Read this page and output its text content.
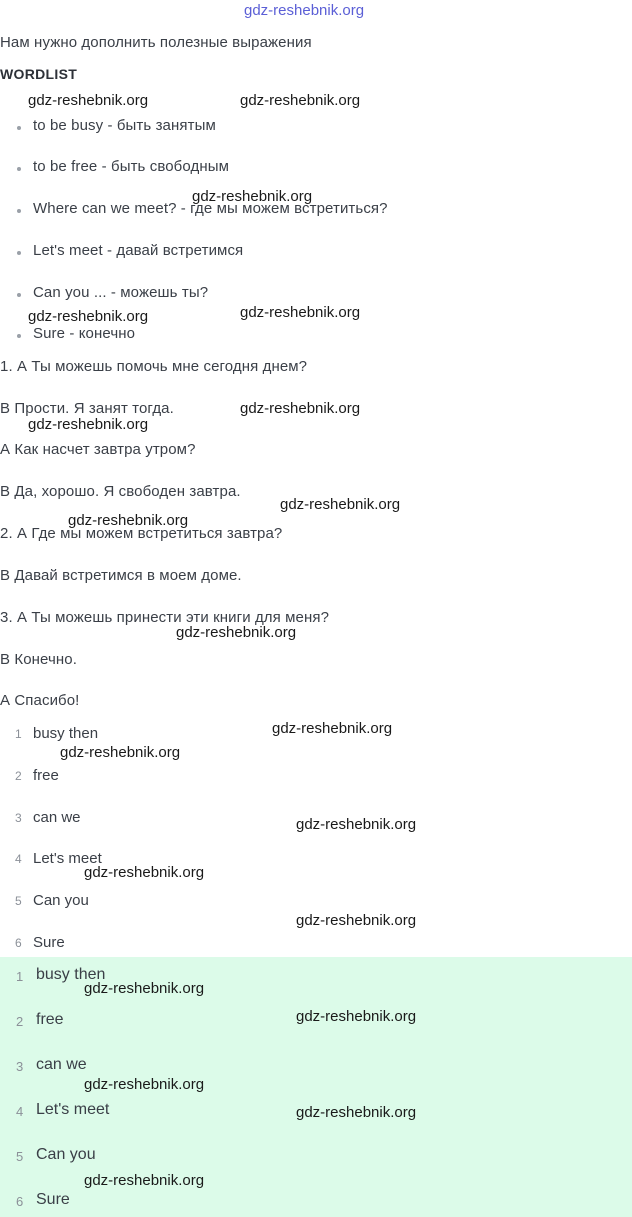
gdz-reshebnik.org
Нам нужно дополнить полезные выражения
WORDLIST
to be busy - быть занятым
to be free - быть свободным
Where can we meet? - где мы можем встретиться?
Let's meet - давай встретимся
Can you ... - можешь ты?
Sure - конечно
1. А Ты можешь помочь мне сегодня днем?
В Прости. Я занят тогда.
А Как насчет завтра утром?
В Да, хорошо. Я свободен завтра.
2. А Где мы можем встретиться завтра?
В Давай встретимся в моем доме.
3. А Ты можешь принести эти книги для меня?
В Конечно.
А Спасибо!
1 busy then
2 free
3 can we
4 Let's meet
5 Can you
6 Sure
1 busy then
2 free
3 can we
4 Let's meet
5 Can you
6 Sure
gdz-reshebnik.org	gdz-reshebnik.org
gdz-reshebnik.org
gdz-reshebnik.org	gdz-reshebnik.org
gdz-reshebnik.org
gdz-reshebnik.org
gdz-reshebnik.org
gdz-reshebnik.org
gdz-reshebnik.org
gdz-reshebnik.org
gdz-reshebnik.org
gdz-reshebnik.org
gdz-reshebnik.org
gdz-reshebnik.org
gdz-reshebnik.org
gdz-reshebnik.org
gdz-reshebnik.org
gdz-reshebnik.org
gdz-reshebnik.org
